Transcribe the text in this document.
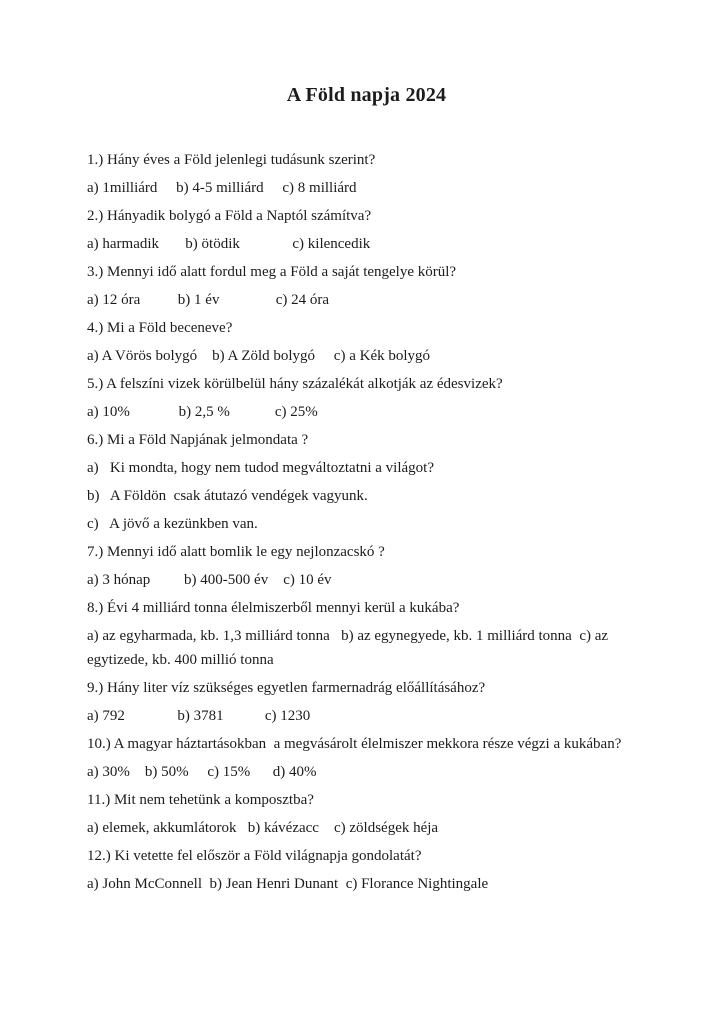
A Föld napja 2024

1.) Hány éves a Föld jelenlegi tudásunk szerint?

a) 1milliárd     b) 4-5 milliárd     c) 8 milliárd

2.) Hányadik bolygó a Föld a Naptól számítva?

a) harmadik       b) ötödik              c) kilencedik

3.) Mennyi idő alatt fordul meg a Föld a saját tengelye körül?

a) 12 óra          b) 1 év               c) 24 óra

4.) Mi a Föld beceneve?

a) A Vörös bolygó    b) A Zöld bolygó     c) a Kék bolygó

5.) A felszíni vizek körülbelül hány százalékát alkotják az édesvizek?

a) 10%             b) 2,5 %            c) 25%

6.) Mi a Föld Napjának jelmondata ?

a)   Ki mondta, hogy nem tudod megváltoztatni a világot?

b)   A Földön  csak átutazó vendégek vagyunk.

c)   A jövő a kezünkben van.

7.) Mennyi idő alatt bomlik le egy nejlonzacskó ?

a) 3 hónap         b) 400-500 év    c) 10 év

8.) Évi 4 milliárd tonna élelmiszerből mennyi kerül a kukába?

a) az egyharmada, kb. 1,3 milliárd tonna   b) az egynegyede, kb. 1 milliárd tonna  c) az

egytizede, kb. 400 millió tonna

9.) Hány liter víz szükséges egyetlen farmernadrág előállításához?

a) 792              b) 3781           c) 1230

10.) A magyar háztartásokban  a megvásárolt élelmiszer mekkora része végzi a kukában?

a) 30%    b) 50%     c) 15%      d) 40%

11.) Mit nem tehetünk a komposztba?

a) elemek, akkumlátorok   b) kávézacc    c) zöldségek héja

12.) Ki vetette fel először a Föld világnapja gondolatát?

a) John McConnell  b) Jean Henri Dunant  c) Florance Nightingale
